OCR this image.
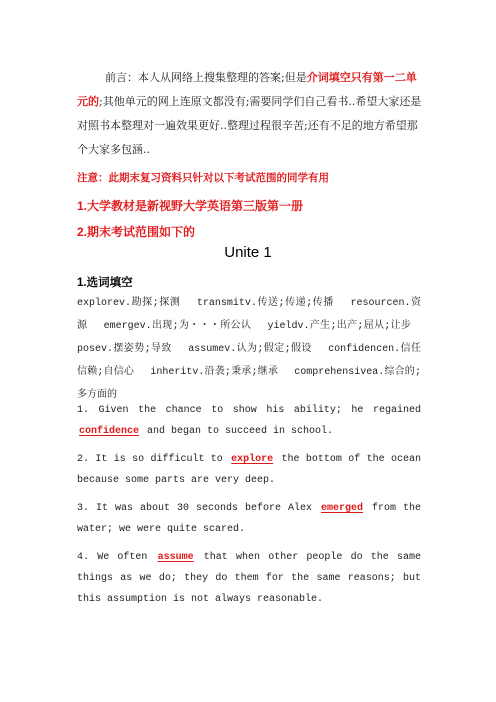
前言：本人从网络上搜集整理的答案;但是介词填空只有第一二单元的;其他单元的网上连原文都没有;需要同学们自己看书..希望大家还是对照书本整理对一遍效果更好..整理过程很辛苦;还有不足的地方希望那个大家多包涵..
注意：此期末复习资料只针对以下考试范围的同学有用
1.大学教材是新视野大学英语第三版第一册
2.期末考试范围如下的
Unite 1
1.选词填空
explorev.勘探;探测 transmitv.传送;传递;传播 resourcen.资源 emergev.出现;为・・・所公认 yieldv.产生;出产;屈从;让步 posev.摆姿势;导致 assumev.认为;假定;假设 confidencen.信任信赖;自信心 inheritv.沿袭;秉承;继承 comprehensivea.综合的;多方面的
1. Given the chance to show his ability; he regained confidence and began to succeed in school.
2. It is so difficult to explore the bottom of the ocean because some parts are very deep.
3. It was about 30 seconds before Alex emerged from the water; we were quite scared.
4. We often assume that when other people do the same things as we do; they do them for the same reasons; but this assumption is not always reasonable.
